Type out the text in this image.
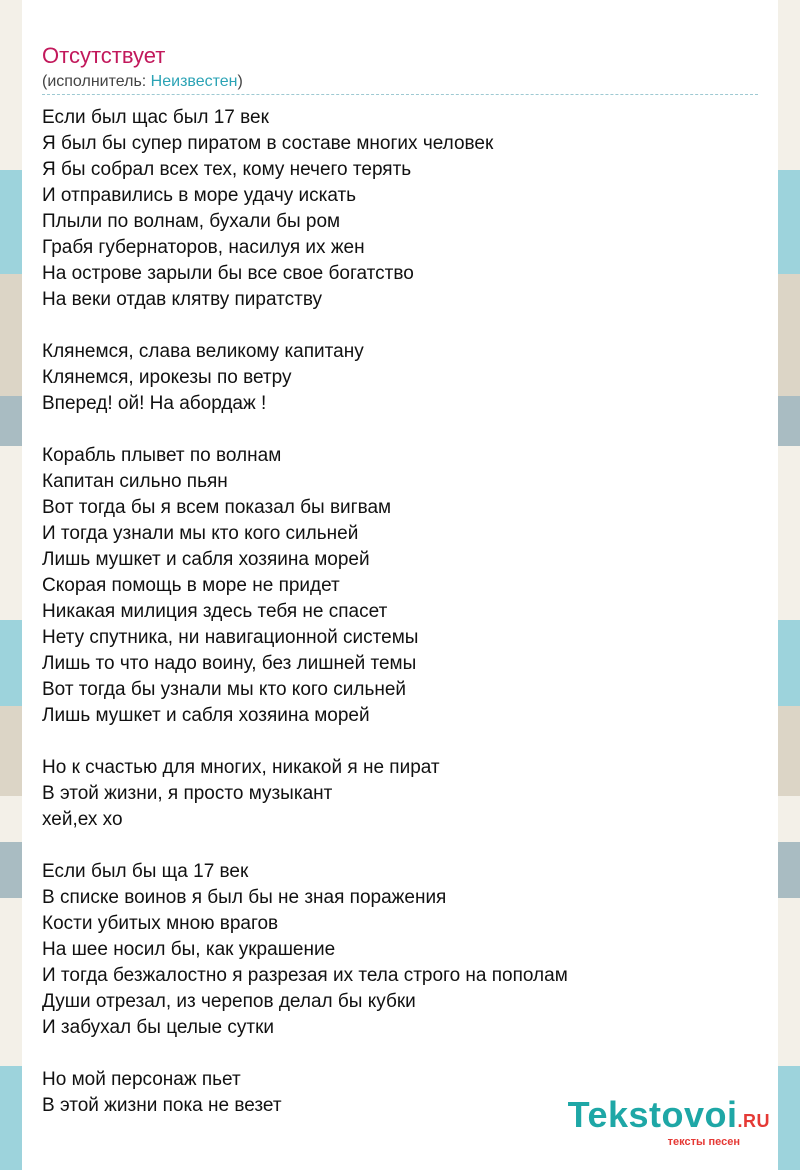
Отсутствует
(исполнитель: Неизвестен)
Если был щас был 17 век
Я был бы супер пиратом в составе многих человек
Я бы собрал всех тех, кому нечего терять
И отправились в море удачу искать
Плыли по волнам, бухали бы ром
Грабя губернаторов, насилуя их жен
На острове зарыли бы все свое богатство
На веки отдав клятву пиратству
Клянемся, слава великому капитану
Клянемся, ирокезы по ветру
Вперед! ой! На абордаж !
Корабль плывет по волнам
Капитан сильно пьян
Вот тогда бы я всем показал бы вигвам
И тогда узнали мы кто кого сильней
Лишь мушкет и сабля хозяина морей
Скорая помощь в море не придет
Никакая милиция здесь тебя не спасет
Нету спутника, ни навигационной системы
Лишь то что надо воину, без лишней темы
Вот тогда бы узнали мы кто кого сильней
Лишь мушкет и сабля хозяина морей
Но к счастью для многих, никакой я не пират
В этой жизни, я просто музыкант
хей,ех хо
Если был бы ща 17 век
В списке воинов я был бы не зная поражения
Кости убитых мною врагов
На шее носил бы, как украшение
И тогда безжалостно я разрезая их тела строго на пополам
Души отрезал, из черепов делал бы кубки
И забухал бы целые сутки
Но мой персонаж пьет
В этой жизни пока не везет	Tekstovoi.RU
тексты песен
